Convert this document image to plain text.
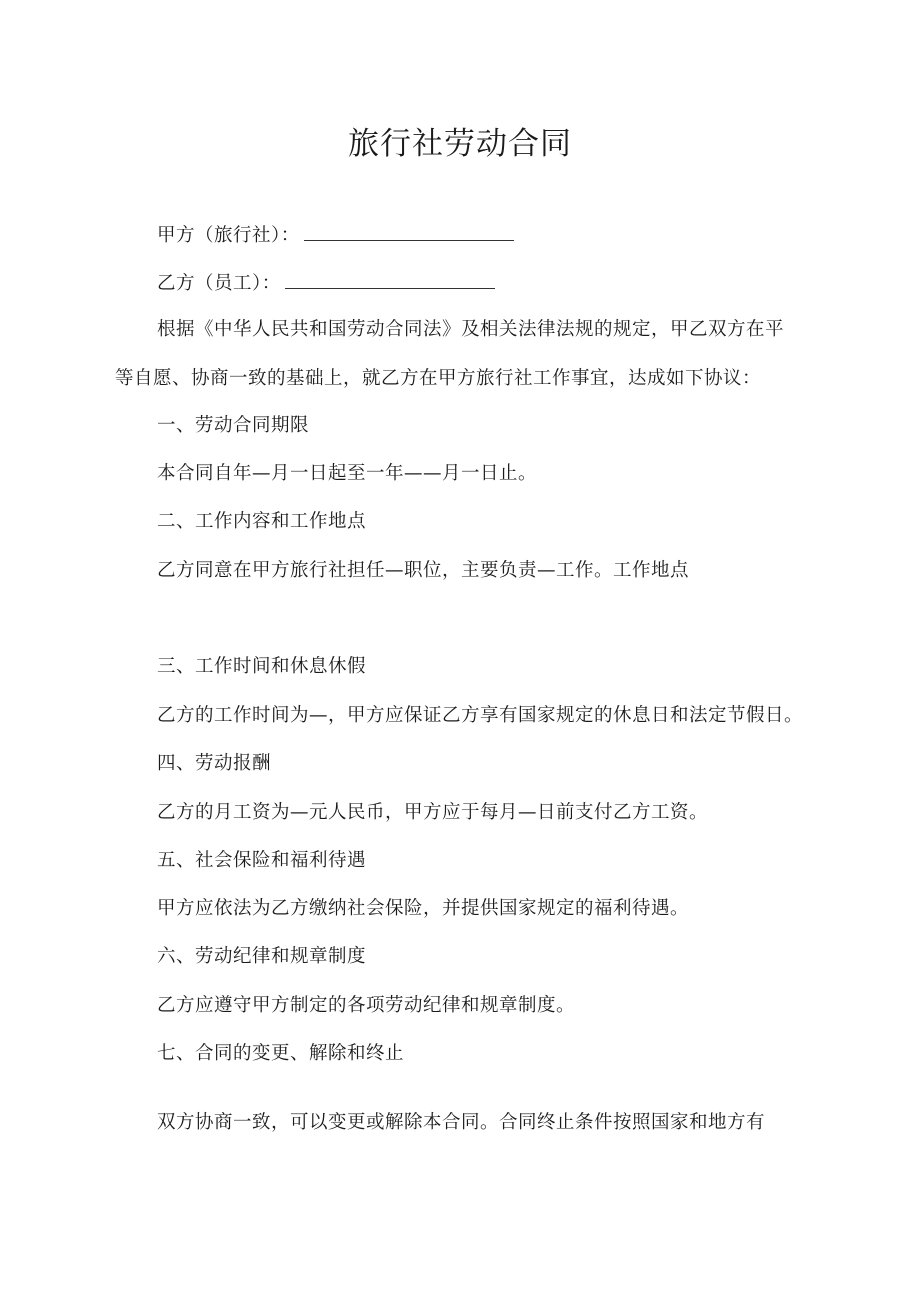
旅行社劳动合同
甲方（旅行社）：
乙方（员工）：
根据《中华人民共和国劳动合同法》及相关法律法规的规定，甲乙双方在平
等自愿、协商一致的基础上，就乙方在甲方旅行社工作事宜，达成如下协议：
一、劳动合同期限
本合同自年—月一日起至一年——月一日止。
二、工作内容和工作地点
乙方同意在甲方旅行社担任—职位，主要负责—工作。工作地点
三、工作时间和休息休假
乙方的工作时间为—，甲方应保证乙方享有国家规定的休息日和法定节假日。
四、劳动报酬
乙方的月工资为—元人民币，甲方应于每月—日前支付乙方工资。
五、社会保险和福利待遇
甲方应依法为乙方缴纳社会保险，并提供国家规定的福利待遇。
六、劳动纪律和规章制度
乙方应遵守甲方制定的各项劳动纪律和规章制度。
七、合同的变更、解除和终止
双方协商一致，可以变更或解除本合同。合同终止条件按照国家和地方有
